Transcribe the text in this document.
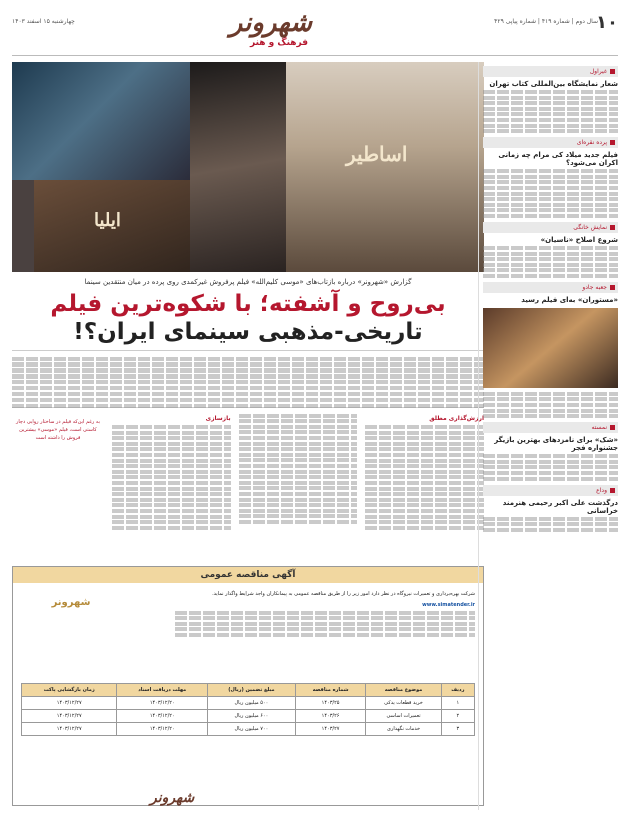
۱۰
سال دوم | شماره ۴۱۹ | شماره پیاپی ۴۲۹
چهارشنبه ۱۵ اسفند ۱۴۰۳	شهرونر
فرهنگ و هنر
ایلیا
اساطیر
گزارش «شهرونر» درباره بازتاب‌های «موسی کلیم‌الله» فیلم پرفروش غیرکمدی روی پرده در میان منتقدین سینما
بی‌روح و آشفته؛ با شکوه‌ترین فیلم
تاریخی-مذهبی سینمای ایران؟!
ارزش‌گذاری مطلق
بازسازی
به رغم این‌که فیلم در ساختار روایی دچار کاستی است، فیلم «موسی» بیشترین فروش را داشته است
آگهی مناقصه عمومی
شهرونر
شرکت بهره‌برداری و تعمیرات نیروگاه در نظر دارد امور زیر را از طریق مناقصه عمومی به پیمانکاران واجد شرایط واگذار نماید.
www.simatender.ir
ردیف	موضوع مناقصه	شماره مناقصه	مبلغ تضمین (ریال)	مهلت دریافت اسناد	زمان بازگشایی پاکت
۱	خرید قطعات یدکی	۱۴۰۳/۲۵	۵۰۰ میلیون ریال	۱۴۰۳/۱۲/۲۰	۱۴۰۳/۱۲/۲۷
۲	تعمیرات اساسی	۱۴۰۳/۲۶	۶۰۰ میلیون ریال	۱۴۰۳/۱۲/۲۰	۱۴۰۳/۱۲/۲۷
۳	خدمات نگهداری	۱۴۰۳/۲۷	۷۰۰ میلیون ریال	۱۴۰۳/۱۲/۲۰	۱۴۰۳/۱۲/۲۷
غیراول
شعار نمایشگاه بین‌المللی کتاب تهران
پرده نقره‌ای
فیلم جدید میلاد کی مرام چه زمانی اکران می‌شود؟
نمایش خانگی
شروع اصلاح «ناسیان»
جعبه جادو
«مستوران» به‌ای فیلم رسید
نمسته
«شک» برای نامزدهای بهترین بازیگر جشنواره فجر
وداع
درگذشت علی اکبر رحیمی هنرمند خراسانی
شهرونر
